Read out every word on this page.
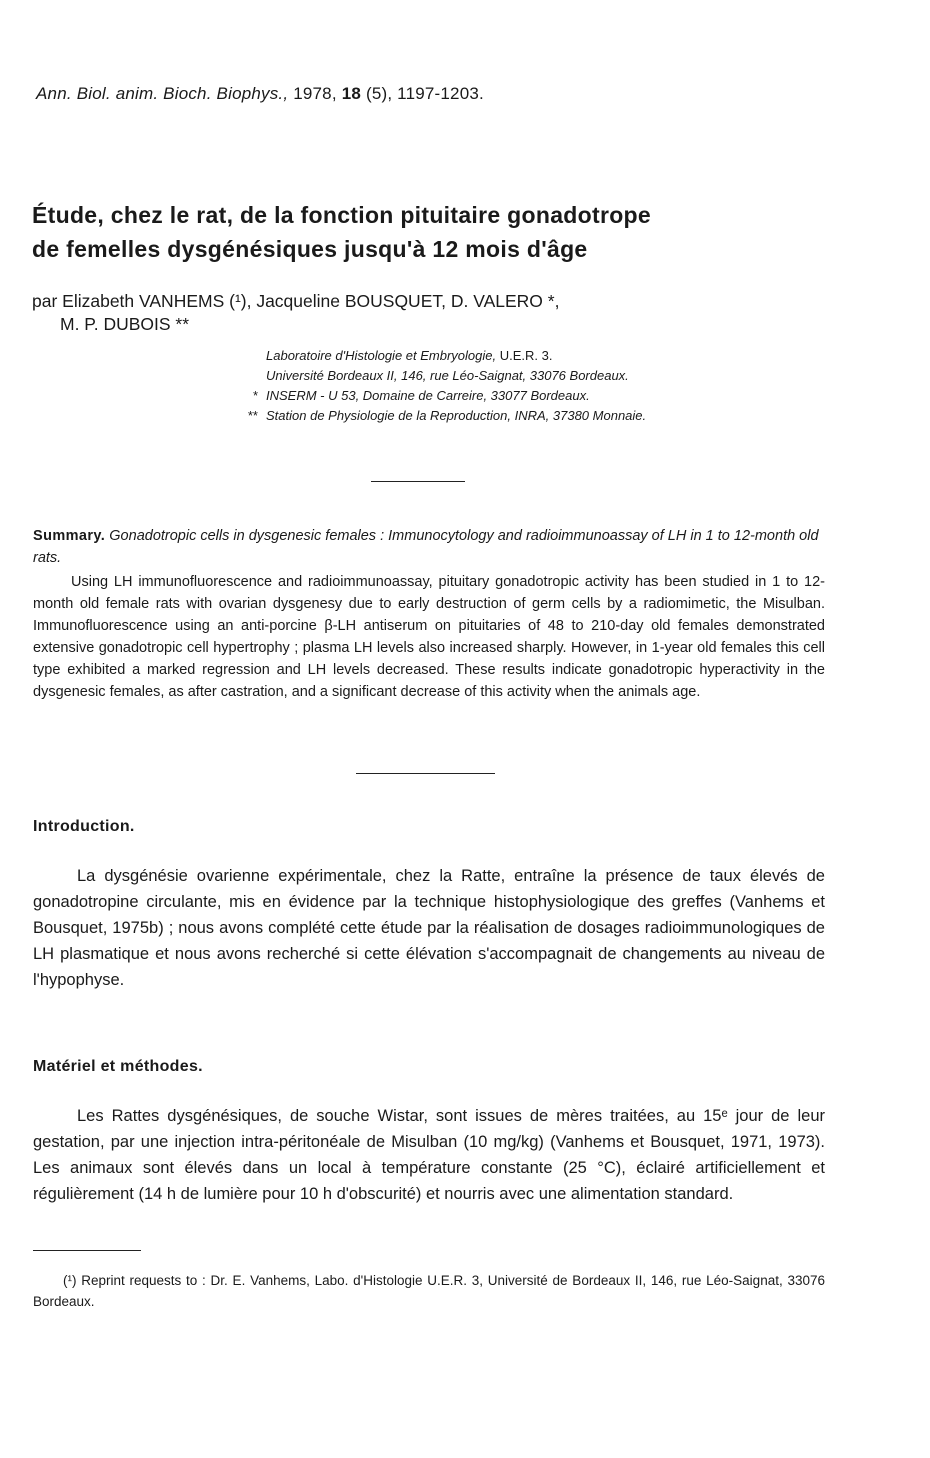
Ann. Biol. anim. Bioch. Biophys., 1978, 18 (5), 1197-1203.
Étude, chez le rat, de la fonction pituitaire gonadotrope
de femelles dysgénésiques jusqu'à 12 mois d'âge
par Elizabeth VANHEMS (¹), Jacqueline BOUSQUET, D. VALERO *,
M. P. DUBOIS **
Laboratoire d'Histologie et Embryologie, U.E.R. 3.
Université Bordeaux II, 146, rue Léo-Saignat, 33076 Bordeaux.
* INSERM - U 53, Domaine de Carreire, 33077 Bordeaux.
** Station de Physiologie de la Reproduction, INRA, 37380 Monnaie.
Summary. Gonadotropic cells in dysgenesic females : Immunocytology and radioimmunoassay of LH in 1 to 12-month old rats.
Using LH immunofluorescence and radioimmunoassay, pituitary gonadotropic activity has been studied in 1 to 12-month old female rats with ovarian dysgenesy due to early destruction of germ cells by a radiomimetic, the Misulban. Immunofluorescence using an anti-porcine β-LH antiserum on pituitaries of 48 to 210-day old females demonstrated extensive gonadotropic cell hypertrophy ; plasma LH levels also increased sharply. However, in 1-year old females this cell type exhibited a marked regression and LH levels decreased. These results indicate gonadotropic hyperactivity in the dysgenesic females, as after castration, and a significant decrease of this activity when the animals age.
Introduction.
La dysgénésie ovarienne expérimentale, chez la Ratte, entraîne la présence de taux élevés de gonadotropine circulante, mis en évidence par la technique histophysiologique des greffes (Vanhems et Bousquet, 1975b) ; nous avons complété cette étude par la réalisation de dosages radioimmunologiques de LH plasmatique et nous avons recherché si cette élévation s'accompagnait de changements au niveau de l'hypophyse.
Matériel et méthodes.
Les Rattes dysgénésiques, de souche Wistar, sont issues de mères traitées, au 15ᵉ jour de leur gestation, par une injection intra-péritonéale de Misulban (10 mg/kg) (Vanhems et Bousquet, 1971, 1973). Les animaux sont élevés dans un local à température constante (25 °C), éclairé artificiellement et régulièrement (14 h de lumière pour 10 h d'obscurité) et nourris avec une alimentation standard.
(¹) Reprint requests to : Dr. E. Vanhems, Labo. d'Histologie U.E.R. 3, Université de Bordeaux II, 146, rue Léo-Saignat, 33076 Bordeaux.
